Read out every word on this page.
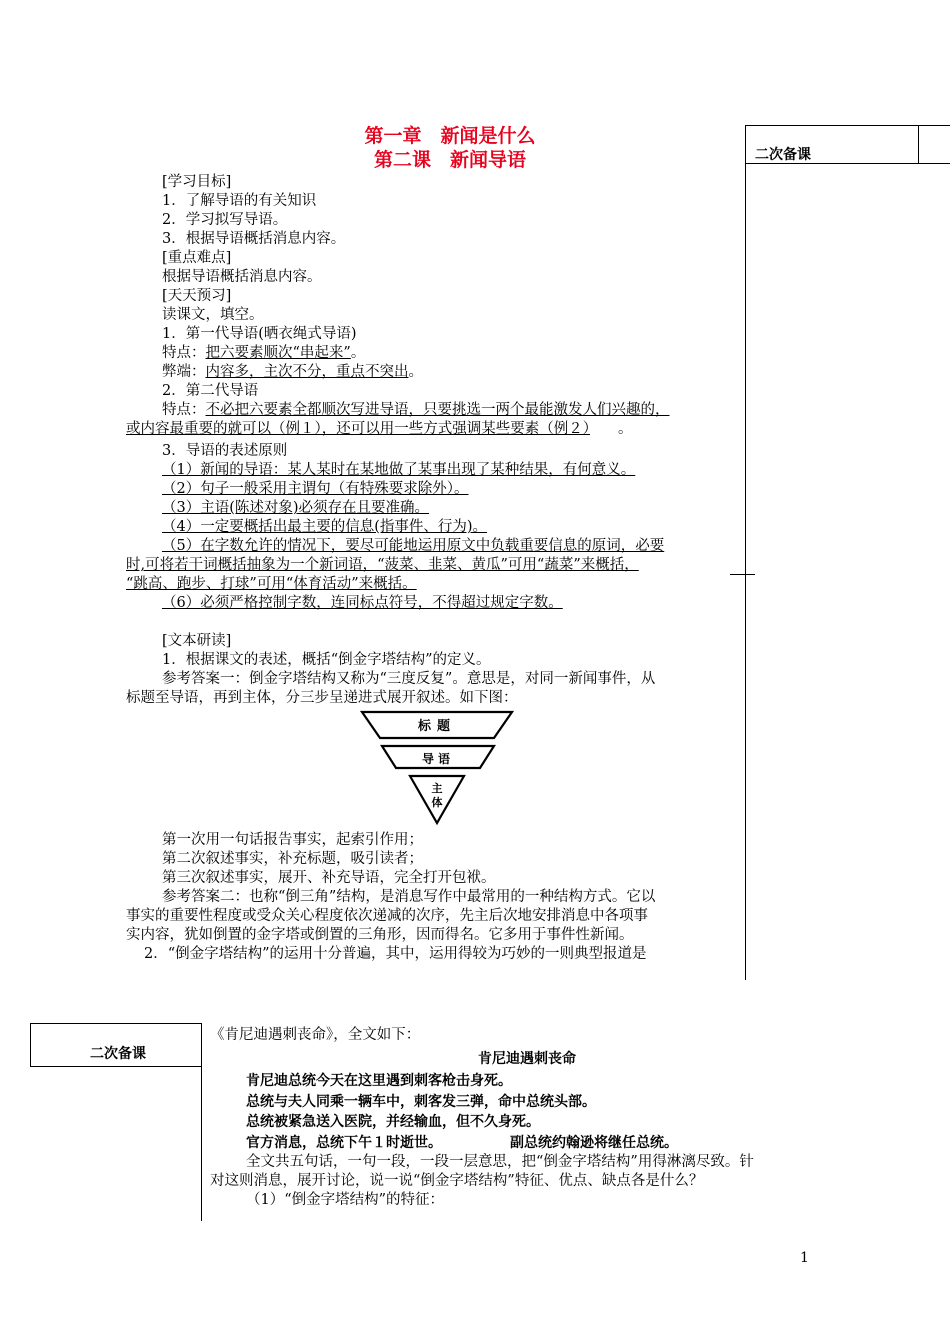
第一章　新闻是什么
第二课　新闻导语	二次备课
[学习目标]
1．了解导语的有关知识
2．学习拟写导语。
3．根据导语概括消息内容。
[重点难点]
根据导语概括消息内容。
[天天预习]
读课文，填空。
1．第一代导语(晒衣绳式导语)
特点：把六要素顺次“串起来”。
弊端：内容多，主次不分，重点不突出。
2．第二代导语
特点：不必把六要素全都顺次写进导语，只要挑选一两个最能激发人们兴趣的，
或内容最重要的就可以（例１），还可以用一些方式强调某些要素（例２） 。
3．导语的表述原则
（1）新闻的导语：某人某时在某地做了某事出现了某种结果，有何意义。
（2）句子一般采用主谓句（有特殊要求除外）。
（3）主语(陈述对象)必须存在且要准确。
（4）一定要概括出最主要的信息(指事件、行为)。
（5）在字数允许的情况下，要尽可能地运用原文中负载重要信息的原词，必要
时,可将若干词概括抽象为一个新词语，“菠菜、韭菜、黄瓜”可用“蔬菜”来概括，
“跳高、跑步、打球”可用“体育活动”来概括。
（6）必须严格控制字数，连同标点符号，不得超过规定字数。
[文本研读]
1．根据课文的表述，概括“倒金字塔结构”的定义。
参考答案一：倒金字塔结构又称为“三度反复”。意思是，对同一新闻事件，从
标题至导语，再到主体，分三步呈递进式展开叙述。如下图：
标题
导语
主
体
第一次用一句话报告事实，起索引作用；
第二次叙述事实，补充标题，吸引读者；
第三次叙述事实，展开、补充导语，完全打开包袱。
参考答案二：也称“倒三角”结构，是消息写作中最常用的一种结构方式。它以
事实的重要性程度或受众关心程度依次递减的次序，先主后次地安排消息中各项事
实内容，犹如倒置的金字塔或倒置的三角形，因而得名。它多用于事件性新闻。
2．“倒金字塔结构”的运用十分普遍，其中，运用得较为巧妙的一则典型报道是
二次备课
《肯尼迪遇刺丧命》，全文如下：
肯尼迪遇刺丧命
肯尼迪总统今天在这里遇到刺客枪击身死。
总统与夫人同乘一辆车中，刺客发三弹，命中总统头部。
总统被紧急送入医院，并经输血，但不久身死。
官方消息，总统下午１时逝世。	副总统约翰逊将继任总统。
全文共五句话，一句一段，一段一层意思，把“倒金字塔结构”用得淋漓尽致。针
对这则消息，展开讨论，说一说“倒金字塔结构”特征、优点、缺点各是什么？
（1）“倒金字塔结构”的特征：
1
